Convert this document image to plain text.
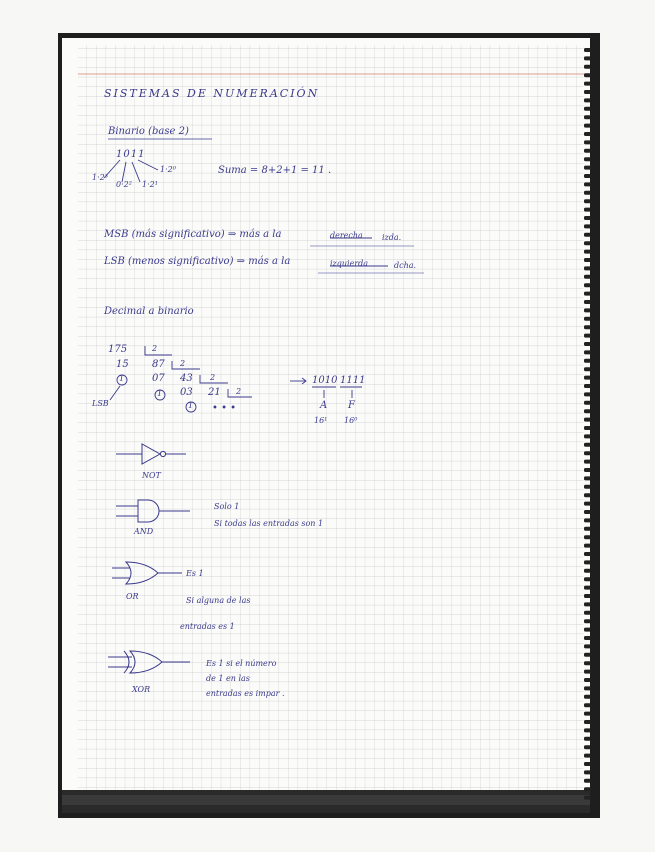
SISTEMAS DE NUMERACIÓN
Binario (base 2)
1011
1·2³
0·2² 1·2¹
1·2⁰	Suma = 8+2+1 = 11 .
MSB (más significativo) ⇒ más a la	derecha izda.
LSB (menos significativo) ⇒ más a la	izquierda	dcha.
Decimal a binario
175	2
15 87 2
1	07 43 2
1 03 21 2
1 • • •
LSB
1010 1111
A F
16¹ 16⁰
NOT
AND
Solo 1
Si todas las entradas son 1
OR
Es 1
Si alguna de las
entradas es 1
XOR
Es 1 si el número
de 1 en las
entradas es impar .
